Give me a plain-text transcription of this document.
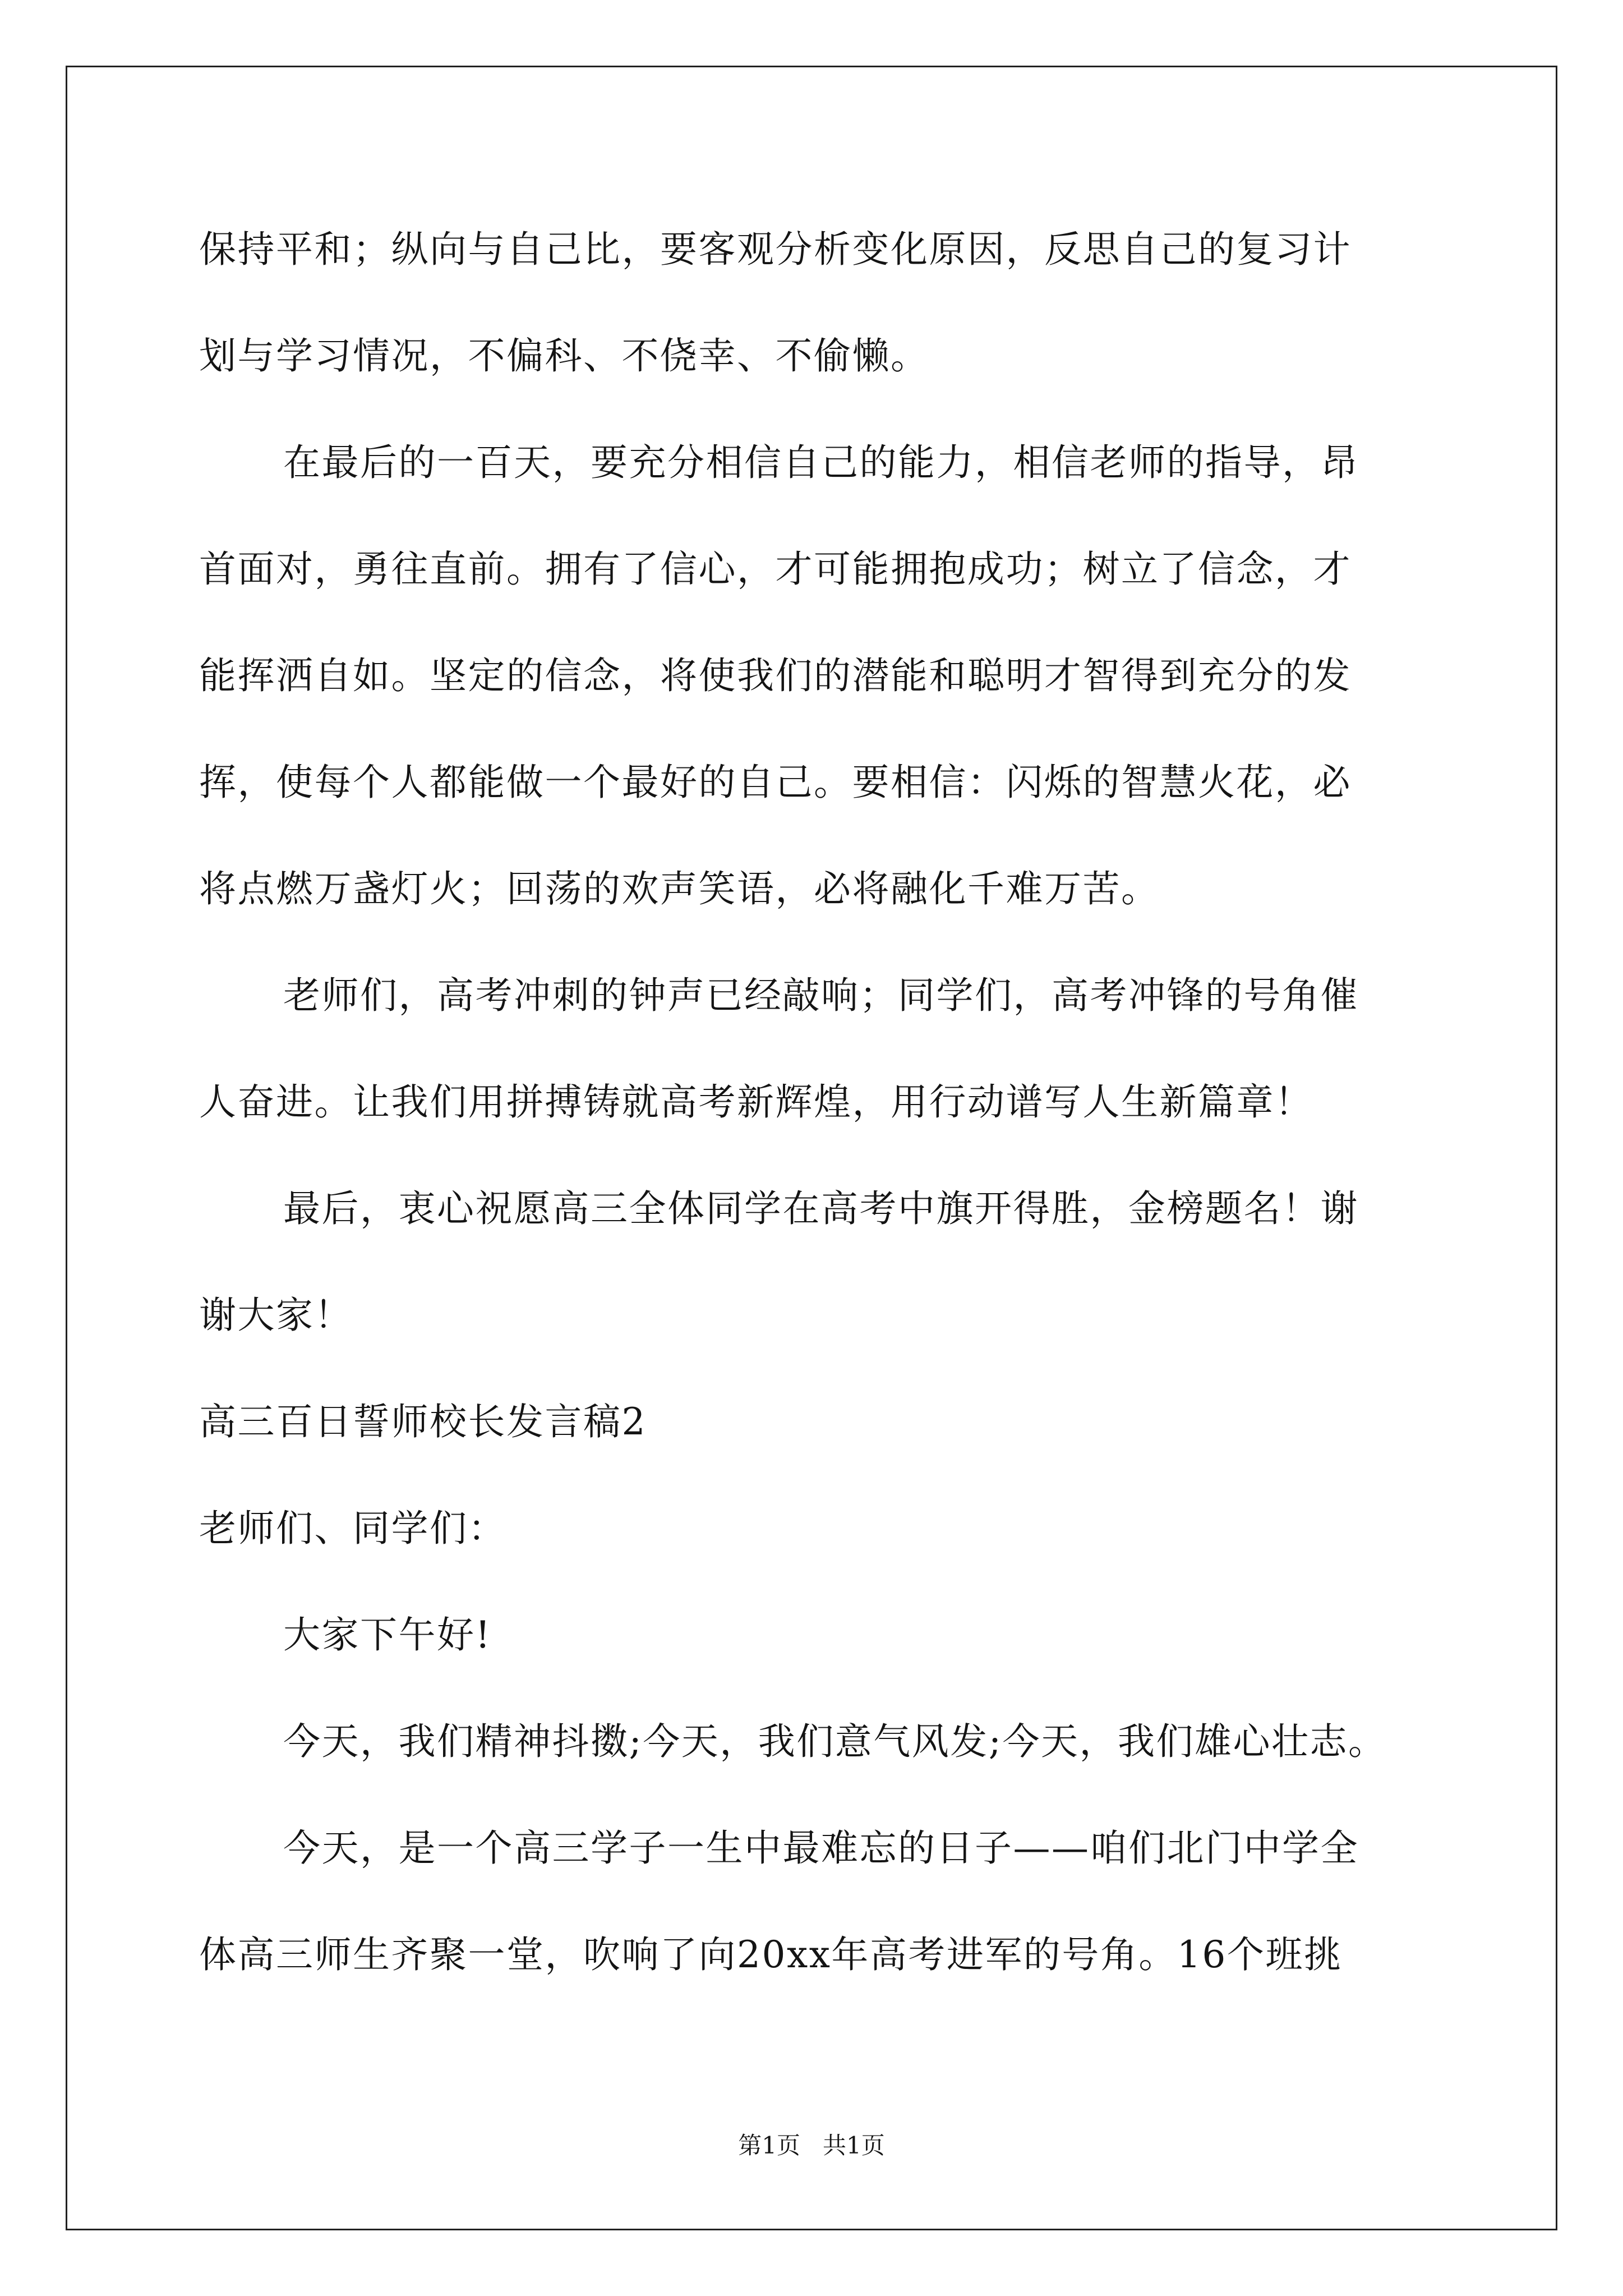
保持平和；纵向与自己比，要客观分析变化原因，反思自己的复习计

划与学习情况，不偏科、不侥幸、不偷懒。

在最后的一百天，要充分相信自己的能力，相信老师的指导，昂

首面对，勇往直前。拥有了信心，才可能拥抱成功；树立了信念，才

能挥洒自如。坚定的信念，将使我们的潜能和聪明才智得到充分的发

挥，使每个人都能做一个最好的自己。要相信：闪烁的智慧火花，必

将点燃万盏灯火；回荡的欢声笑语，必将融化千难万苦。

老师们，高考冲刺的钟声已经敲响；同学们，高考冲锋的号角催

人奋进。让我们用拼搏铸就高考新辉煌，用行动谱写人生新篇章！

最后，衷心祝愿高三全体同学在高考中旗开得胜，金榜题名！谢

谢大家！

高三百日誓师校长发言稿2

老师们、同学们：

大家下午好!

今天，我们精神抖擞;今天，我们意气风发;今天，我们雄心壮志。

今天，是一个高三学子一生中最难忘的日子——咱们北门中学全

体高三师生齐聚一堂，吹响了向20xx年高考进军的号角。16个班挑

第1页   共1页
